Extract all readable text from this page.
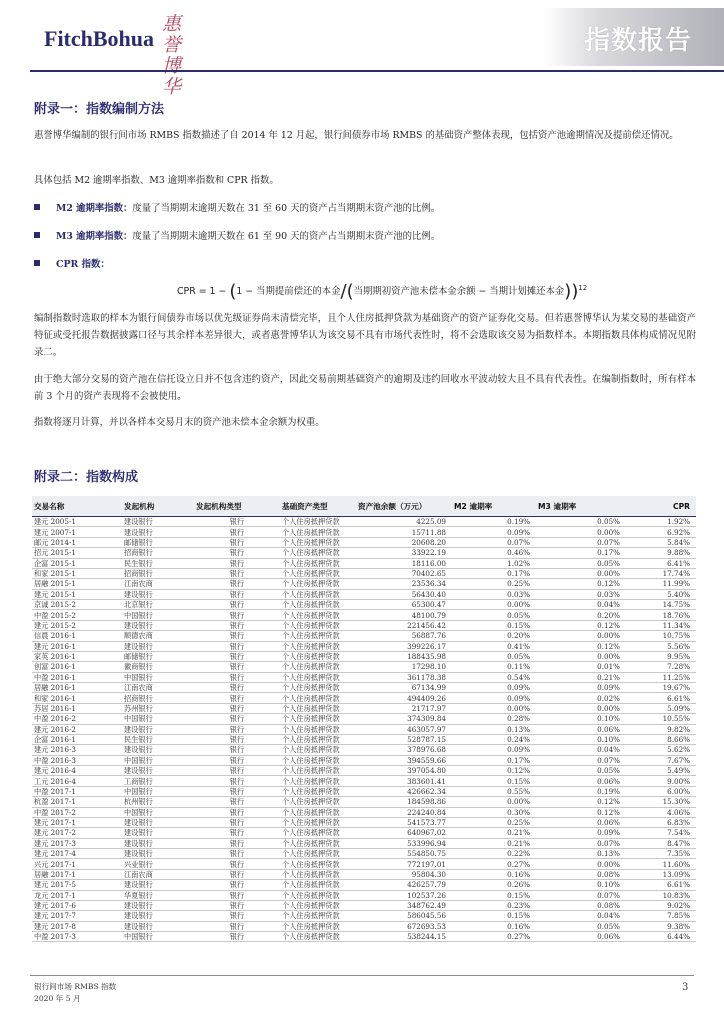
FitchBohua
惠誉博华
指数报告
附录一：指数编制方法
惠誉博华编制的银行间市场 RMBS 指数描述了自 2014 年 12 月起，银行间债券市场 RMBS 的基础资产整体表现，包括资产池逾期情况及提前偿还情况。
具体包括 M2 逾期率指数、M3 逾期率指数和 CPR 指数。
M2 逾期率指数：度量了当期期末逾期天数在 31 至 60 天的资产占当期期末资产池的比例。
M3 逾期率指数：度量了当期期末逾期天数在 61 至 90 天的资产占当期期末资产池的比例。
CPR 指数：
CPR = 1 − (1 − 当期提前偿还的本金/(当期期初资产池未偿本金余额 − 当期计划摊还本金))$^{12}$
编制指数时选取的样本为银行间债券市场以优先级证券尚未清偿完毕，且个人住房抵押贷款为基础资产的资产证券化交易。但若惠誉博华认为某交易的基础资产特征或受托报告数据披露口径与其余样本差异很大，或者惠誉博华认为该交易不具有市场代表性时，将不会选取该交易为指数样本。本期指数具体构成情况见附录二。
由于绝大部分交易的资产池在信托设立日并不包含违约资产，因此交易前期基础资产的逾期及违约回收水平波动较大且不具有代表性。在编制指数时，所有样本前 3 个月的资产表现将不会被使用。
指数将逐月计算，并以各样本交易月末的资产池未偿本金余额为权重。
附录二：指数构成
交易名称	发起机构	发起机构类型	基础资产类型	资产池余额（万元）	M2 逾期率	M3 逾期率	CPR
建元 2005-1	建设银行	银行	个人住房抵押贷款	4225.09	0.19%	0.05%	1.92%
建元 2007-1	建设银行	银行	个人住房抵押贷款	15711.88	0.09%	0.00%	6.92%
邮元 2014-1	邮储银行	银行	个人住房抵押贷款	20608.20	0.07%	0.07%	5.84%
招元 2015-1	招商银行	银行	个人住房抵押贷款	33922.19	0.46%	0.17%	9.88%
企富 2015-1	民生银行	银行	个人住房抵押贷款	18116.00	1.02%	0.05%	6.41%
和家 2015-1	招商银行	银行	个人住房抵押贷款	70402.65	0.17%	0.00%	17.74%
居融 2015-1	江南农商	银行	个人住房抵押贷款	23536.34	0.25%	0.12%	11.99%
建元 2015-1	建设银行	银行	个人住房抵押贷款	56430.40	0.03%	0.03%	5.40%
京诚 2015-2	北京银行	银行	个人住房抵押贷款	65300.47	0.00%	0.04%	14.75%
中盈 2015-2	中国银行	银行	个人住房抵押贷款	48100.79	0.05%	0.20%	18.76%
建元 2015-2	建设银行	银行	个人住房抵押贷款	221456.42	0.15%	0.12%	11.34%
信晨 2016-1	顺德农商	银行	个人住房抵押贷款	56887.76	0.20%	0.00%	10.75%
建元 2016-1	建设银行	银行	个人住房抵押贷款	399226.17	0.41%	0.12%	5.56%
家英 2016-1	邮储银行	银行	个人住房抵押贷款	188435.98	0.05%	0.00%	9.95%
创富 2016-1	徽商银行	银行	个人住房抵押贷款	17298.10	0.11%	0.01%	7.28%
中盈 2016-1	中国银行	银行	个人住房抵押贷款	361178.38	0.54%	0.21%	11.25%
居融 2016-1	江南农商	银行	个人住房抵押贷款	67134.99	0.09%	0.09%	19.67%
和家 2016-1	招商银行	银行	个人住房抵押贷款	494409.26	0.09%	0.02%	6.61%
苏居 2016-1	苏州银行	银行	个人住房抵押贷款	21717.97	0.00%	0.00%	5.09%
中盈 2016-2	中国银行	银行	个人住房抵押贷款	374309.84	0.28%	0.10%	10.55%
建元 2016-2	建设银行	银行	个人住房抵押贷款	463057.97	0.13%	0.06%	9.82%
企富 2016-1	民生银行	银行	个人住房抵押贷款	528787.15	0.24%	0.10%	8.66%
建元 2016-3	建设银行	银行	个人住房抵押贷款	378976.68	0.09%	0.04%	5.62%
中盈 2016-3	中国银行	银行	个人住房抵押贷款	394559.66	0.17%	0.07%	7.67%
建元 2016-4	建设银行	银行	个人住房抵押贷款	397054.80	0.12%	0.05%	5.49%
工元 2016-4	工商银行	银行	个人住房抵押贷款	383601.41	0.15%	0.06%	9.00%
中盈 2017-1	中国银行	银行	个人住房抵押贷款	426662.34	0.55%	0.19%	6.00%
杭盈 2017-1	杭州银行	银行	个人住房抵押贷款	184598.86	0.00%	0.12%	15.30%
中盈 2017-2	中国银行	银行	个人住房抵押贷款	224240.84	0.30%	0.12%	4.06%
建元 2017-1	建设银行	银行	个人住房抵押贷款	541573.77	0.25%	0.06%	6.83%
建元 2017-2	建设银行	银行	个人住房抵押贷款	640967.02	0.21%	0.09%	7.54%
建元 2017-3	建设银行	银行	个人住房抵押贷款	533996.94	0.21%	0.07%	8.47%
建元 2017-4	建设银行	银行	个人住房抵押贷款	554850.75	0.22%	0.13%	7.35%
兴元 2017-1	兴业银行	银行	个人住房抵押贷款	772197.01	0.27%	0.00%	11.60%
居融 2017-1	江南农商	银行	个人住房抵押贷款	95804.30	0.16%	0.08%	13.09%
建元 2017-5	建设银行	银行	个人住房抵押贷款	426257.79	0.26%	0.10%	6.61%
龙元 2017-1	华夏银行	银行	个人住房抵押贷款	102537.26	0.15%	0.07%	10.83%
建元 2017-6	建设银行	银行	个人住房抵押贷款	348762.49	0.23%	0.08%	9.02%
建元 2017-7	建设银行	银行	个人住房抵押贷款	586045.56	0.15%	0.04%	7.85%
建元 2017-8	建设银行	银行	个人住房抵押贷款	672693.53	0.16%	0.05%	9.38%
中盈 2017-3	中国银行	银行	个人住房抵押贷款	538244.15	0.27%	0.06%	6.44%
银行间市场 RMBS 指数
2020 年 5 月
3
